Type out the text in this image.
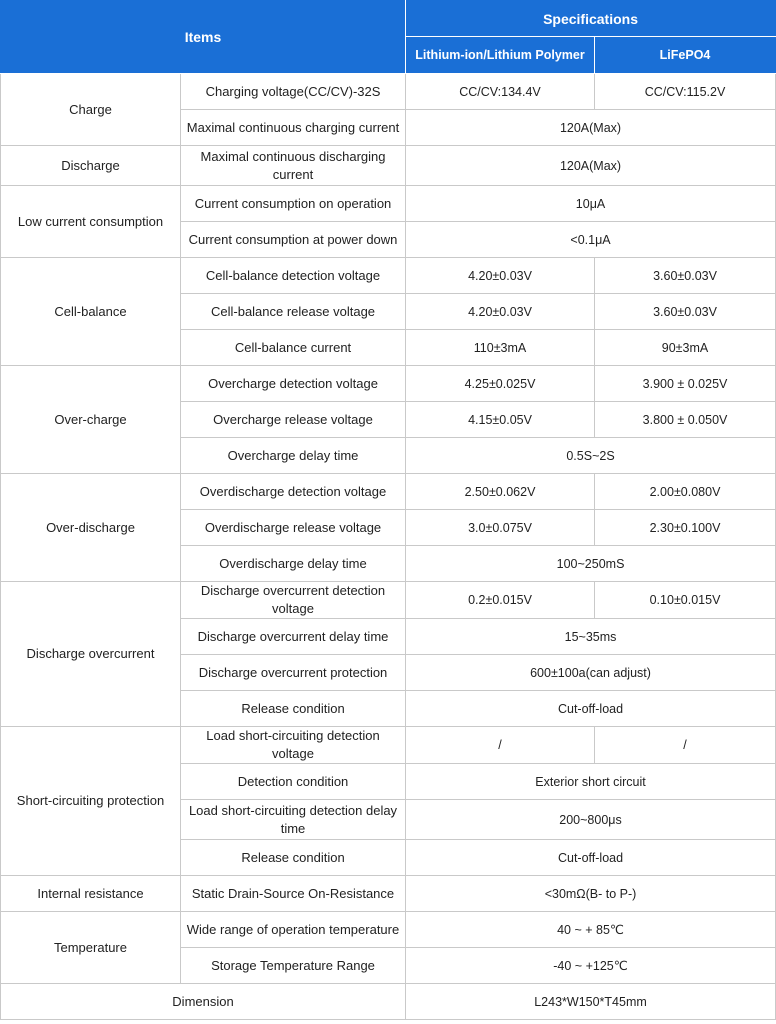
Items		Specifications	
		Lithium-ion/Lithium Polymer	LiFePO4
Charge	Charging voltage(CC/CV)-32S	CC/CV:134.4V	CC/CV:115.2V
	Maximal continuous charging current	120A(Max)	
Discharge	Maximal continuous discharging current	120A(Max)	
Low current consumption	Current consumption on operation	10μA	
	Current consumption at power down	<0.1μA	
Cell-balance	Cell-balance detection voltage	4.20±0.03V	3.60±0.03V
	Cell-balance release voltage	4.20±0.03V	3.60±0.03V
	Cell-balance current	110±3mA	90±3mA
Over-charge	Overcharge detection voltage	4.25±0.025V	3.900 ± 0.025V
	Overcharge release voltage	4.15±0.05V	3.800 ± 0.050V
	Overcharge delay time	0.5S~2S	
Over-discharge	Overdischarge detection voltage	2.50±0.062V	2.00±0.080V
	Overdischarge release voltage	3.0±0.075V	2.30±0.100V
	Overdischarge delay time	100~250mS	
Discharge overcurrent	Discharge overcurrent detection voltage	0.2±0.015V	0.10±0.015V
	Discharge overcurrent delay time	15~35ms	
	Discharge overcurrent protection	600±100a(can adjust)	
	Release condition	Cut-off-load	
Short-circuiting protection	Load short-circuiting detection voltage	/	/
	Detection condition	Exterior short circuit	
	Load short-circuiting detection delay time	200~800μs	
	Release condition	Cut-off-load	
Internal resistance	Static Drain-Source On-Resistance	<30mΩ(B- to P-)	
Temperature	Wide range of operation temperature	40 ~ + 85℃	
	Storage Temperature Range	-40 ~ +125℃	
Dimension		L243*W150*T45mm	
